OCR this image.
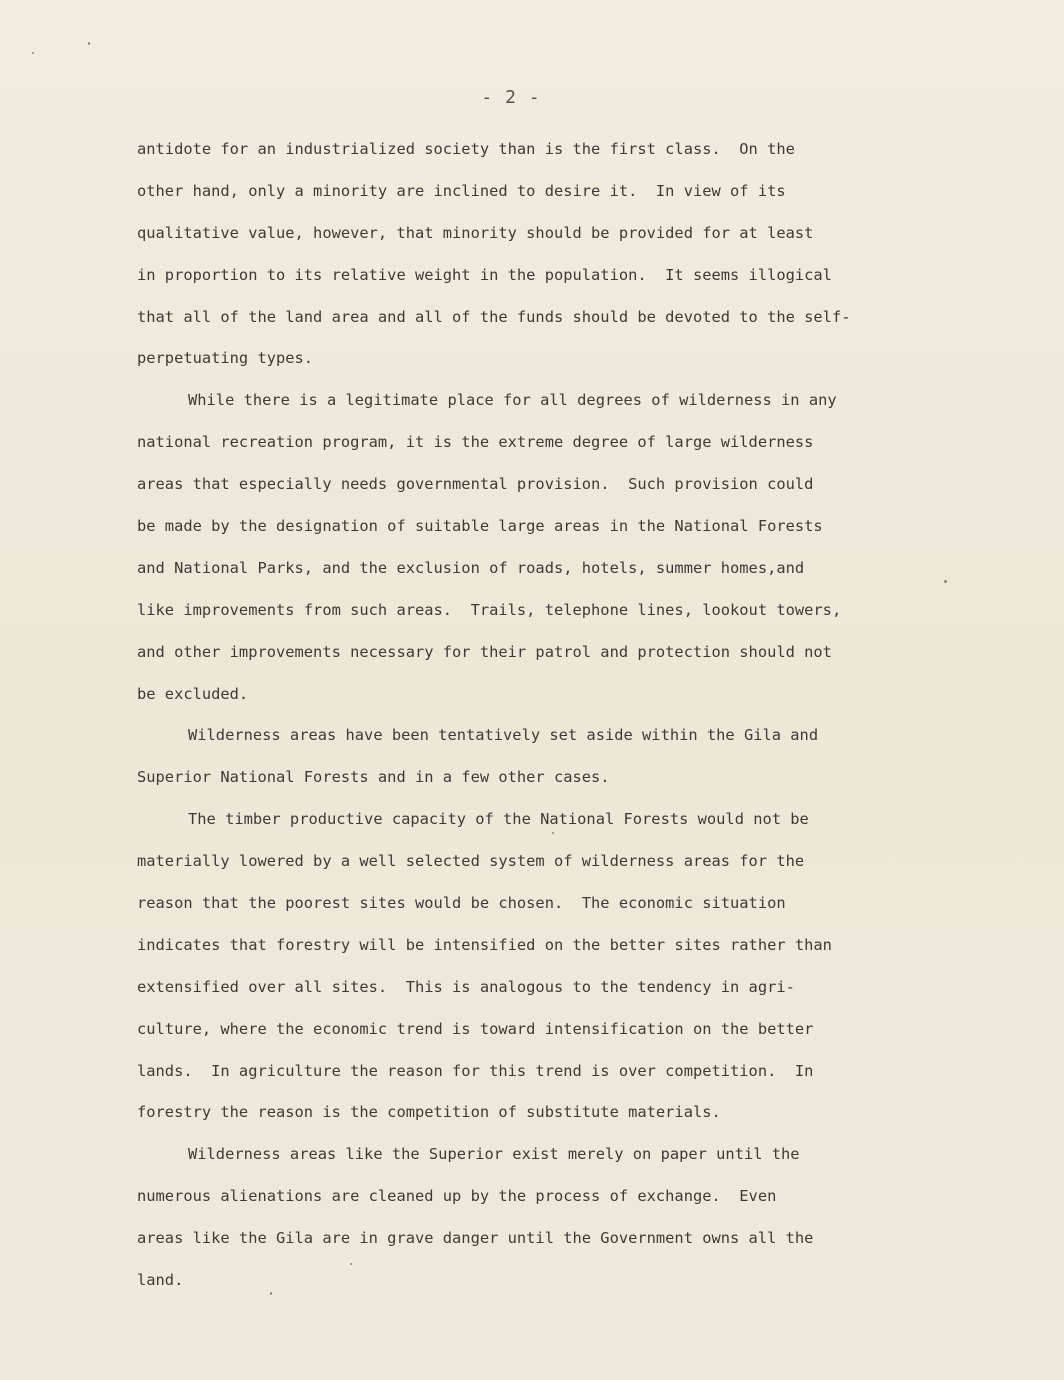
- 2 -
antidote for an industrialized society than is the first class.  On the
other hand, only a minority are inclined to desire it.  In view of its
qualitative value, however, that minority should be provided for at least
in proportion to its relative weight in the population.  It seems illogical
that all of the land area and all of the funds should be devoted to the self-
perpetuating types.
While there is a legitimate place for all degrees of wilderness in any
national recreation program, it is the extreme degree of large wilderness
areas that especially needs governmental provision.  Such provision could
be made by the designation of suitable large areas in the National Forests
and National Parks, and the exclusion of roads, hotels, summer homes,and
like improvements from such areas.  Trails, telephone lines, lookout towers,
and other improvements necessary for their patrol and protection should not
be excluded.
Wilderness areas have been tentatively set aside within the Gila and
Superior National Forests and in a few other cases.
The timber productive capacity of the National Forests would not be
materially lowered by a well selected system of wilderness areas for the
reason that the poorest sites would be chosen.  The economic situation
indicates that forestry will be intensified on the better sites rather than
extensified over all sites.  This is analogous to the tendency in agri-
culture, where the economic trend is toward intensification on the better
lands.  In agriculture the reason for this trend is over competition.  In
forestry the reason is the competition of substitute materials.
Wilderness areas like the Superior exist merely on paper until the
numerous alienations are cleaned up by the process of exchange.  Even
areas like the Gila are in grave danger until the Government owns all the
land.
